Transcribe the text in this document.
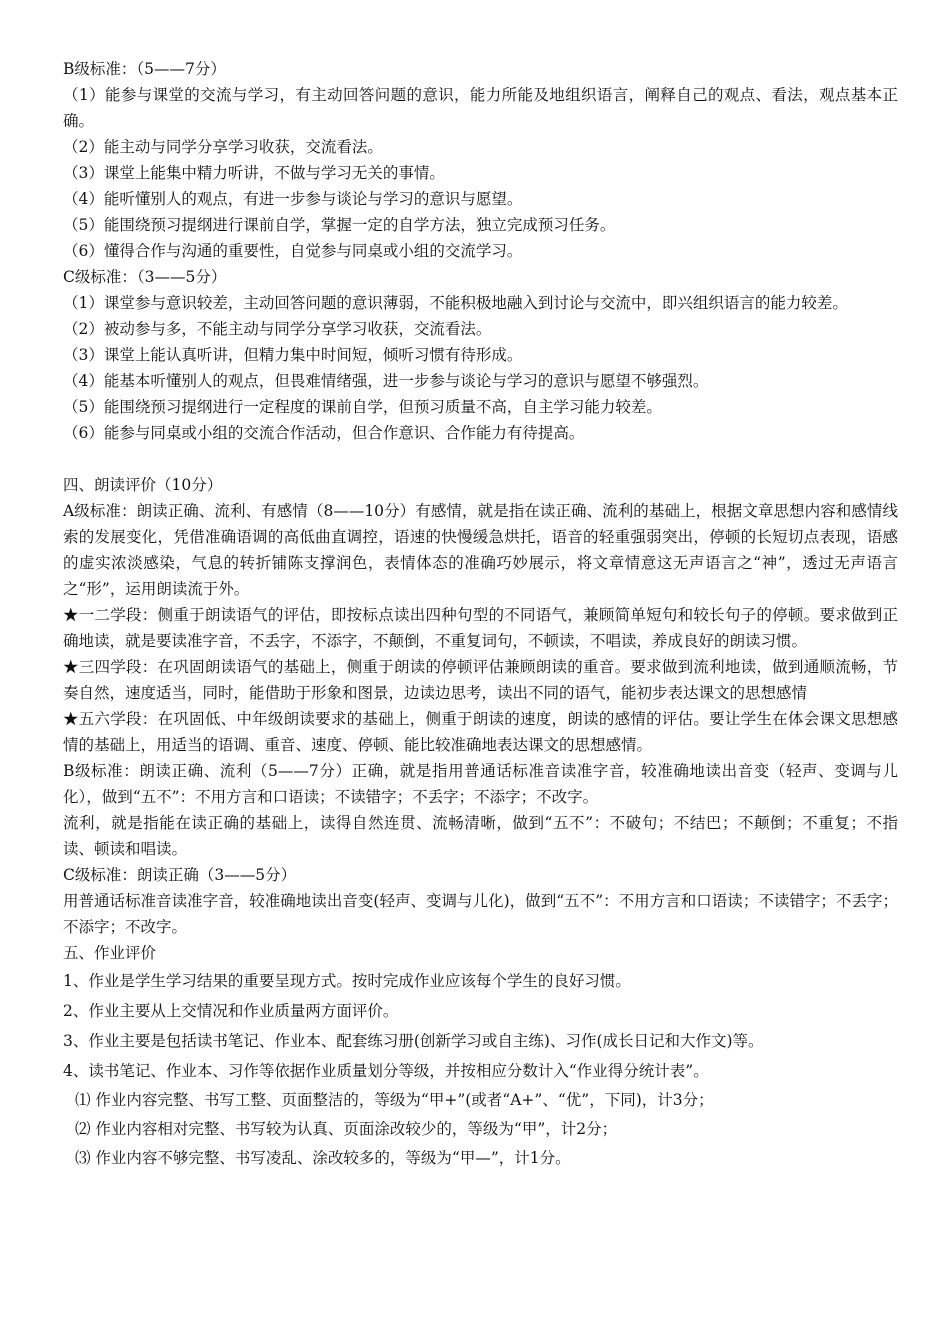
B级标准：（5——7分）

（1）能参与课堂的交流与学习，有主动回答问题的意识，能力所能及地组织语言，阐释自己的观点、看法，观点基本正确。

（2）能主动与同学分享学习收获，交流看法。

（3）课堂上能集中精力听讲，不做与学习无关的事情。

（4）能听懂别人的观点，有进一步参与谈论与学习的意识与愿望。

（5）能围绕预习提纲进行课前自学，掌握一定的自学方法，独立完成预习任务。

（6）懂得合作与沟通的重要性，自觉参与同桌或小组的交流学习。

C级标准：（3——5分）

（1）课堂参与意识较差，主动回答问题的意识薄弱，不能积极地融入到讨论与交流中，即兴组织语言的能力较差。

（2）被动参与多，不能主动与同学分享学习收获，交流看法。

（3）课堂上能认真听讲，但精力集中时间短，倾听习惯有待形成。

（4）能基本听懂别人的观点，但畏难情绪强，进一步参与谈论与学习的意识与愿望不够强烈。

（5）能围绕预习提纲进行一定程度的课前自学，但预习质量不高，自主学习能力较差。

（6）能参与同桌或小组的交流合作活动，但合作意识、合作能力有待提高。

四、朗读评价（10分）

A级标准：朗读正确、流利、有感情（8——10分）有感情，就是指在读正确、流利的基础上，根据文章思想内容和感情线索的发展变化，凭借准确语调的高低曲直调控，语速的快慢缓急烘托，语音的轻重强弱突出，停顿的长短切点表现，语感的虚实浓淡感染，气息的转折铺陈支撑润色，表情体态的准确巧妙展示，将文章情意这无声语言之“神”，透过无声语言之“形”，运用朗读流于外。

★一二学段：侧重于朗读语气的评估，即按标点读出四种句型的不同语气，兼顾简单短句和较长句子的停顿。要求做到正确地读，就是要读准字音，不丢字，不添字，不颠倒，不重复词句，不顿读，不唱读，养成良好的朗读习惯。

★三四学段：在巩固朗读语气的基础上，侧重于朗读的停顿评估兼顾朗读的重音。要求做到流利地读，做到通顺流畅，节奏自然，速度适当，同时，能借助于形象和图景，边读边思考，读出不同的语气，能初步表达课文的思想感情

★五六学段：在巩固低、中年级朗读要求的基础上，侧重于朗读的速度，朗读的感情的评估。要让学生在体会课文思想感情的基础上，用适当的语调、重音、速度、停顿、能比较准确地表达课文的思想感情。

B级标准：朗读正确、流利（5——7分）正确，就是指用普通话标准音读准字音，较准确地读出音变（轻声、变调与儿化），做到“五不”：不用方言和口语读；不读错字；不丢字；不添字；不改字。

流利，就是指能在读正确的基础上，读得自然连贯、流畅清晰，做到“五不”：不破句；不结巴；不颠倒；不重复；不指读、顿读和唱读。

C级标准：朗读正确（3——5分）

用普通话标准音读准字音，较准确地读出音变(轻声、变调与儿化)，做到“五不”：不用方言和口语读；不读错字；不丢字；不添字；不改字。

五、作业评价

1、作业是学生学习结果的重要呈现方式。按时完成作业应该每个学生的良好习惯。

2、作业主要从上交情况和作业质量两方面评价。

3、作业主要是包括读书笔记、作业本、配套练习册(创新学习或自主练)、习作(成长日记和大作文)等。

4、读书笔记、作业本、习作等依据作业质量划分等级，并按相应分数计入“作业得分统计表”。

⑴ 作业内容完整、书写工整、页面整洁的，等级为“甲+”(或者“A+”、“优”，下同)，计3分；

⑵ 作业内容相对完整、书写较为认真、页面涂改较少的，等级为“甲”，计2分；

⑶ 作业内容不够完整、书写凌乱、涂改较多的，等级为“甲—”，计1分。
